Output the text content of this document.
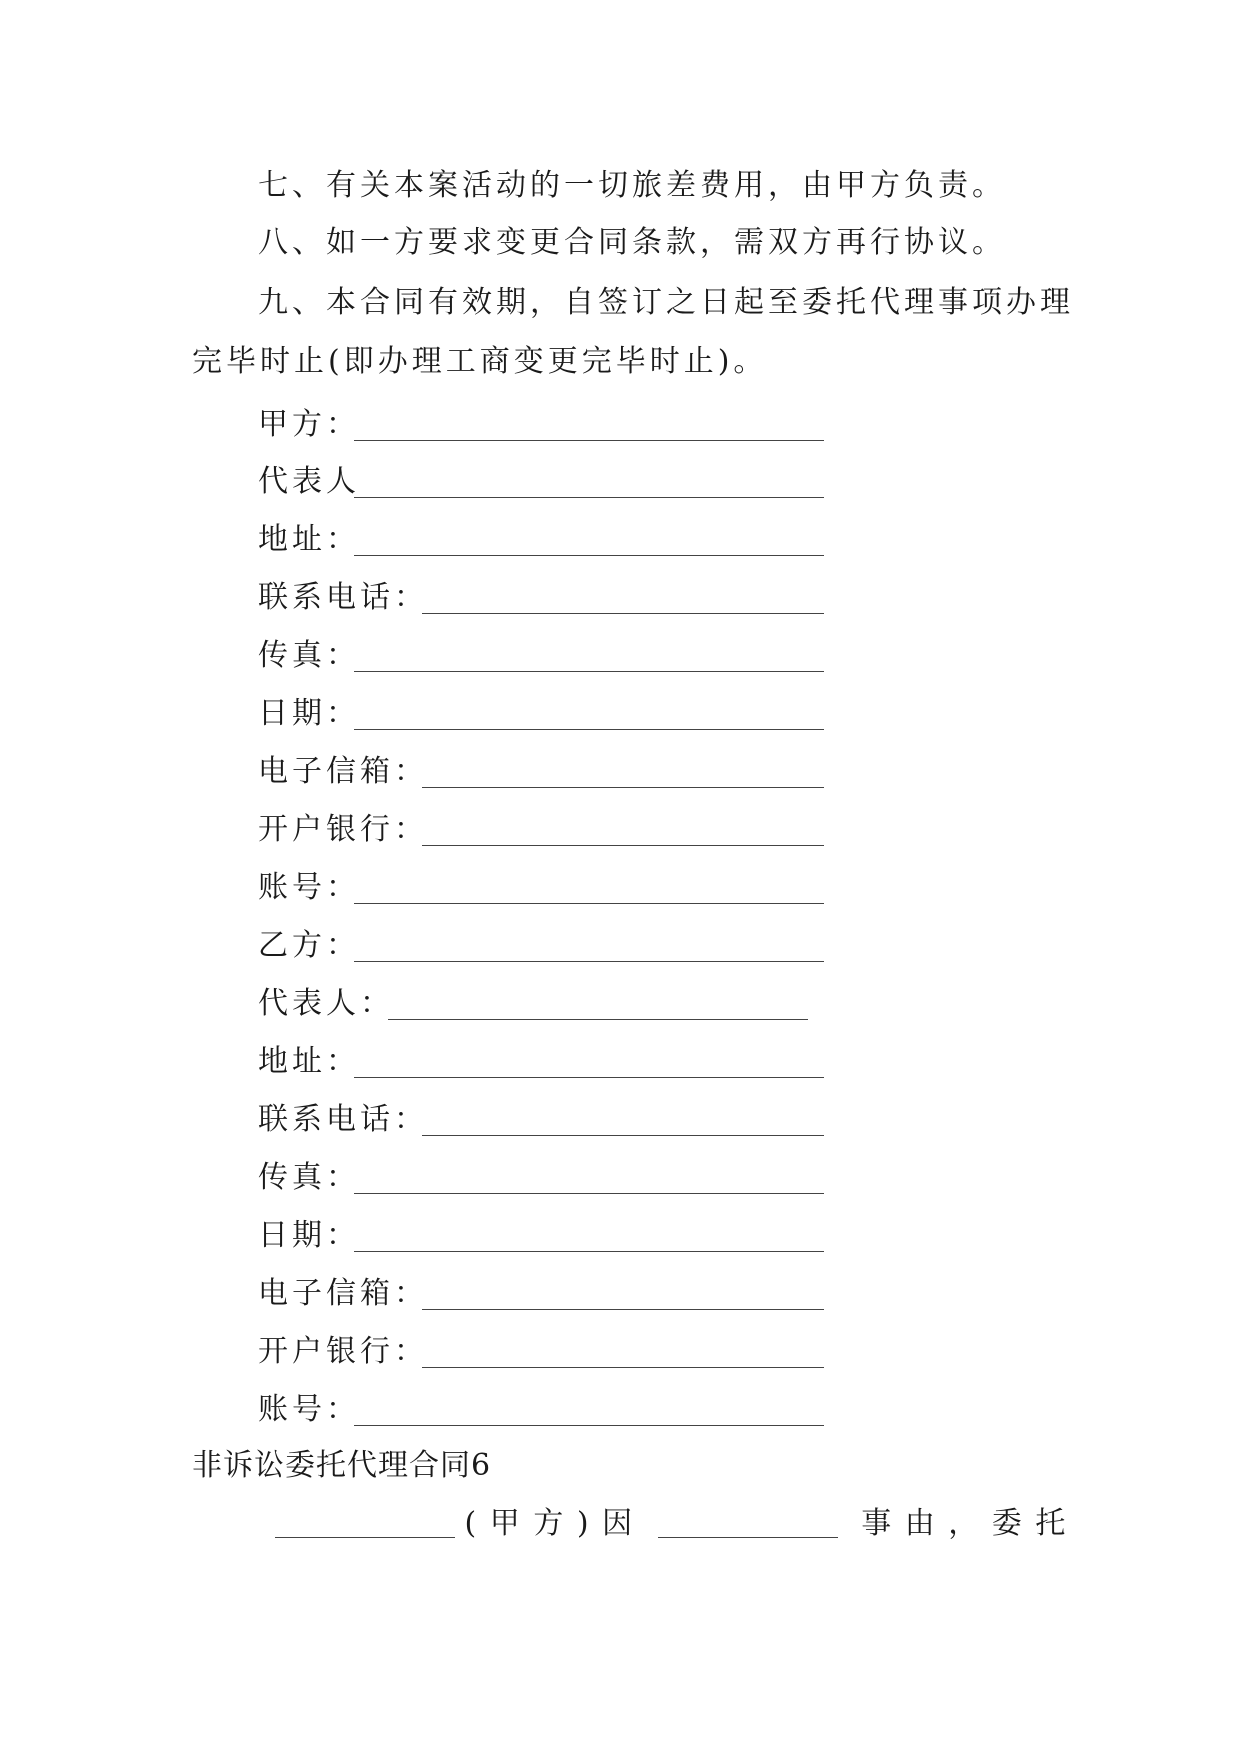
七、有关本案活动的一切旅差费用，由甲方负责。
八、如一方要求变更合同条款，需双方再行协议。
九、本合同有效期，自签订之日起至委托代理事项办理
完毕时止(即办理工商变更完毕时止)。
甲方：
代表人
地址：
联系电话：
传真：
日期：
电子信箱：
开户银行：
账号：
乙方：
代表人：
地址：
联系电话：
传真：
日期：
电子信箱：
开户银行：
账号：
非诉讼委托代理合同6
( 甲 方 ) 因	事 由 ， 委 托
